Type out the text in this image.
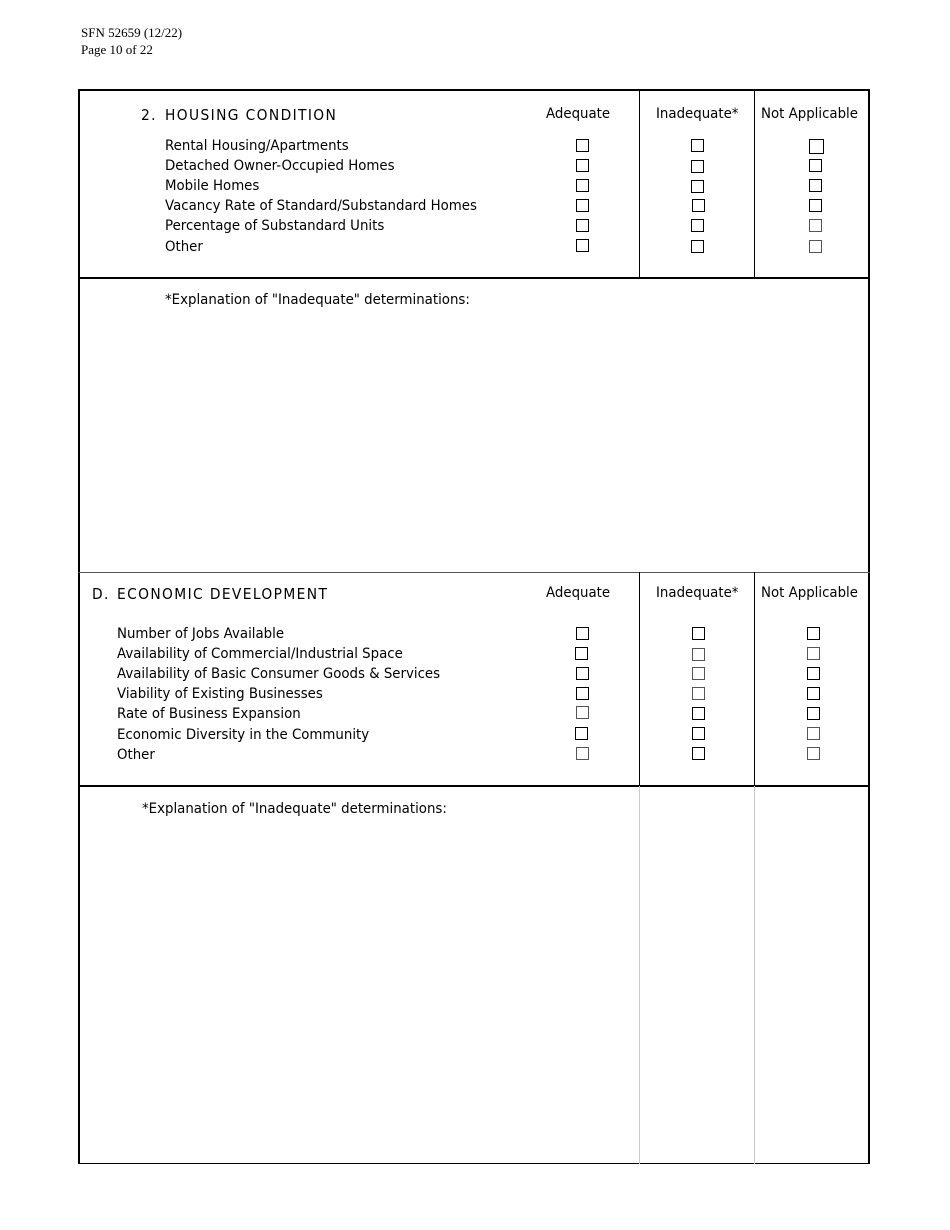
SFN 52659 (12/22)
Page 10 of 22
2. HOUSING CONDITION	Adequate	Inadequate* Not Applicable
Rental Housing/Apartments
Detached Owner-Occupied Homes
Mobile Homes
Vacancy Rate of Standard/Substandard Homes
Percentage of Substandard Units
Other
*Explanation of "Inadequate" determinations:
D. ECONOMIC DEVELOPMENT	Adequate	Inadequate* Not Applicable
Number of Jobs Available
Availability of Commercial/Industrial Space
Availability of Basic Consumer Goods & Services
Viability of Existing Businesses
Rate of Business Expansion
Economic Diversity in the Community
Other
*Explanation of "Inadequate" determinations:
